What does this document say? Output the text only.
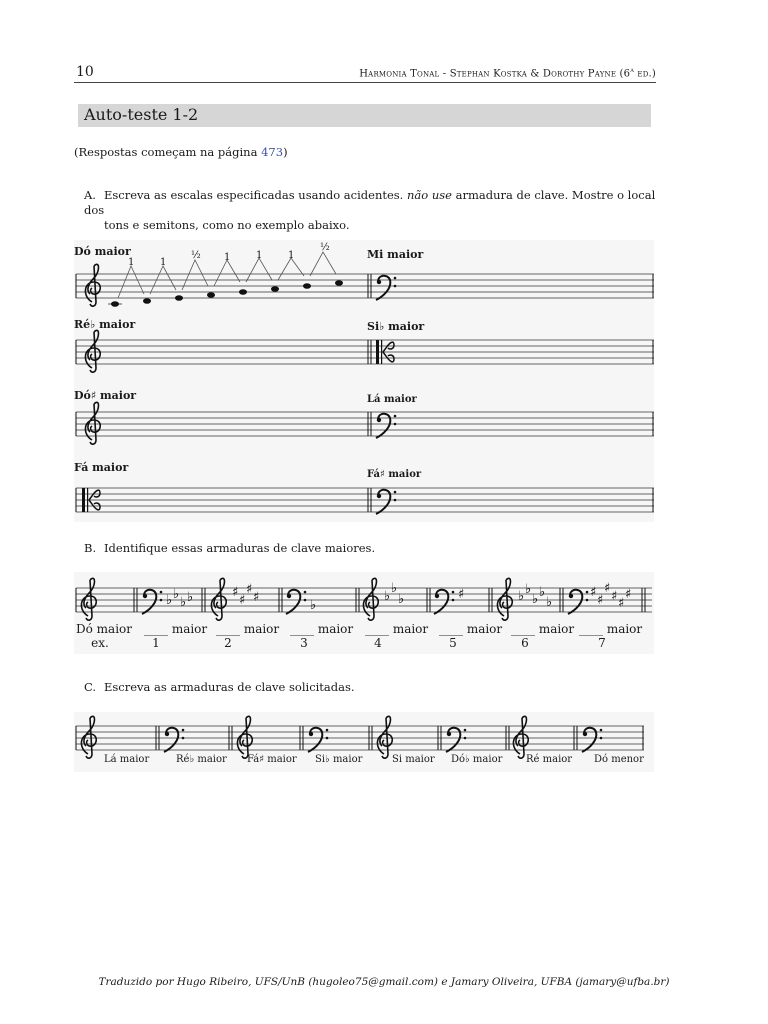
10	Harmonia Tonal - Stephan Kostka & Dorothy Payne (6$^a$ ed.)
Auto-teste 1-2
(Respostas começam na página 473)
A. Escreva as escalas especificadas usando acidentes. não use armadura de clave. Mostre o local dos
tons e semitons, como no exemplo abaixo.
Dó maior	Mi maior
1	1
½ 1	1	1
½
Ré♭ maior	Si♭ maior
Dó♯ maior	Lá maior
Fá maior
Fá♯ maior
B. Identifique essas armaduras de clave maiores.
♭ ♭
♭ ♭	♯
♯
♯
♯
♭
♭
♭
♭	♯	♭ ♭
♭ ♭
♭
♯
♯
♯
♯ ♯
♯
Dó maior
ex.
____ maior
1
____ maior
2
____ maior
3
____ maior
4
____ maior
5
____ maior
6
____ maior
7
C. Escreva as armaduras de clave solicitadas.
Lá maior	Ré♭ maior Fá♯ maior Si♭ maior	Si maior Dó♭ maior Ré maior Dó menor
Traduzido por Hugo Ribeiro, UFS/UnB (hugoleo75@gmail.com) e Jamary Oliveira, UFBA (jamary@ufba.br)
